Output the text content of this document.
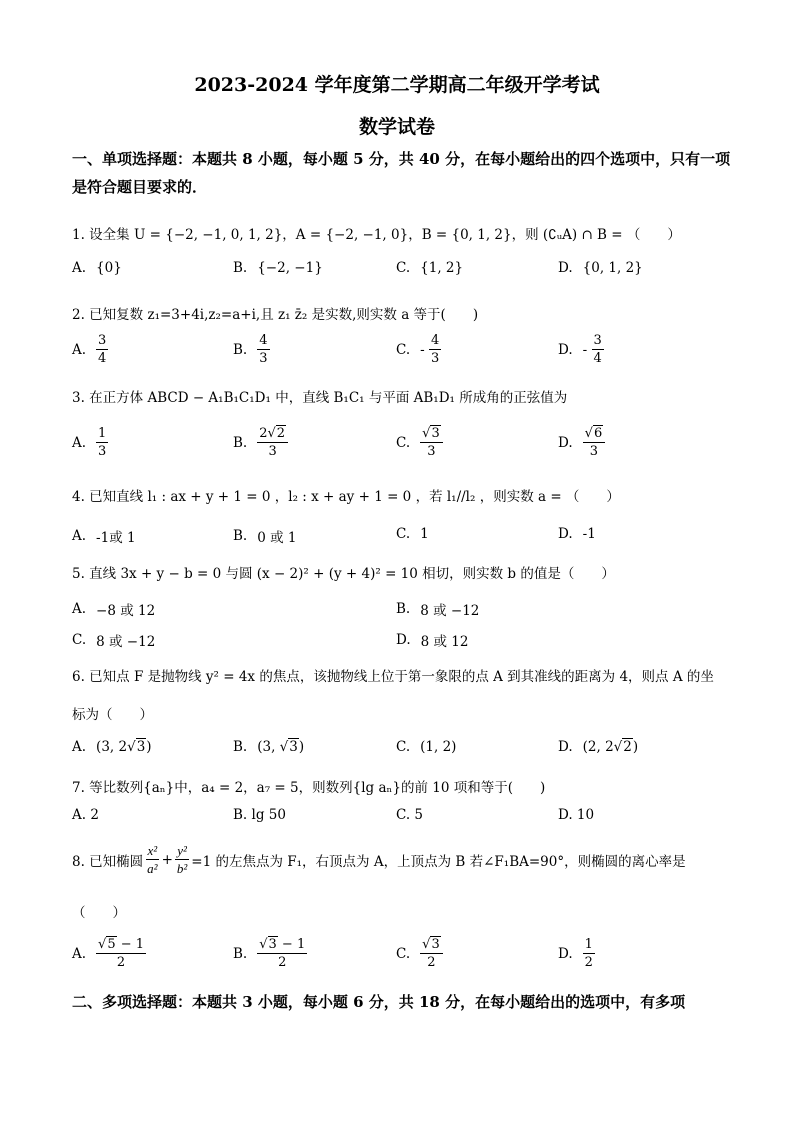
2023-2024 学年度第二学期高二年级开学考试
数学试卷
一、单项选择题：本题共 8 小题，每小题 5 分，共 40 分，在每小题给出的四个选项中，只有一项是符合题目要求的．
1. 设全集 U = {−2, −1, 0, 1, 2}，A = {−2, −1, 0}，B = {0, 1, 2}，则 (∁ᵤA) ∩ B = （　　）
A. {0}	B. {−2, −1}	C. {1, 2}	D. {0, 1, 2}
2. 已知复数 z₁=3+4i,z₂=a+i,且 z₁ z̄₂ 是实数,则实数 a 等于(　　)
A. $\frac{3}{4}$	B. $\frac{4}{3}$	C. - $\frac{4}{3}$	D. - $\frac{3}{4}$
3. 在正方体 ABCD − A₁B₁C₁D₁ 中，直线 B₁C₁ 与平面 AB₁D₁ 所成角的正弦值为
A. $\frac{1}{3}$	B. $\frac{2√2}{3}$	C. $\frac{√3}{3}$	D. $\frac{√6}{3}$
4. 已知直线 l₁ : ax + y + 1 = 0 ，l₂ : x + ay + 1 = 0 ，若 l₁//l₂ ，则实数 a = （　　）
A. -1或 1	B. 0 或 1	C. 1	D. -1
5. 直线 3x + y − b = 0 与圆 (x − 2)² + (y + 4)² = 10 相切，则实数 b 的值是（　　）
A. −8 或 12	B. 8 或 −12
C. 8 或 −12	D. 8 或 12
6. 已知点 F 是抛物线 y² = 4x 的焦点，该抛物线上位于第一象限的点 A 到其准线的距离为 4，则点 A 的坐
标为（　　）
A. (3, 2√3)	B. (3, √3)	C. (1, 2)	D. (2, 2√2)
7. 等比数列{aₙ}中，a₄ = 2，a₇ = 5，则数列{lg aₙ}的前 10 项和等于(　　)
A. 2	B. lg 50	C. 5	D. 10
8. 已知椭圆 $\frac{\text{x²}}{\text{a²}} + \frac{\text{y²}}{\text{b²}} =1$ 的左焦点为 F₁，右顶点为 A，上顶点为 B 若∠F₁BA=90°，则椭圆的离心率是
（　　）
A. $\frac{√5 - 1}{2}$	B. $\frac{√3 - 1}{2}$	C. $\frac{√3}{2}$	D. $\frac{1}{2}$
二、多项选择题：本题共 3 小题，每小题 6 分，共 18 分，在每小题给出的选项中，有多项
